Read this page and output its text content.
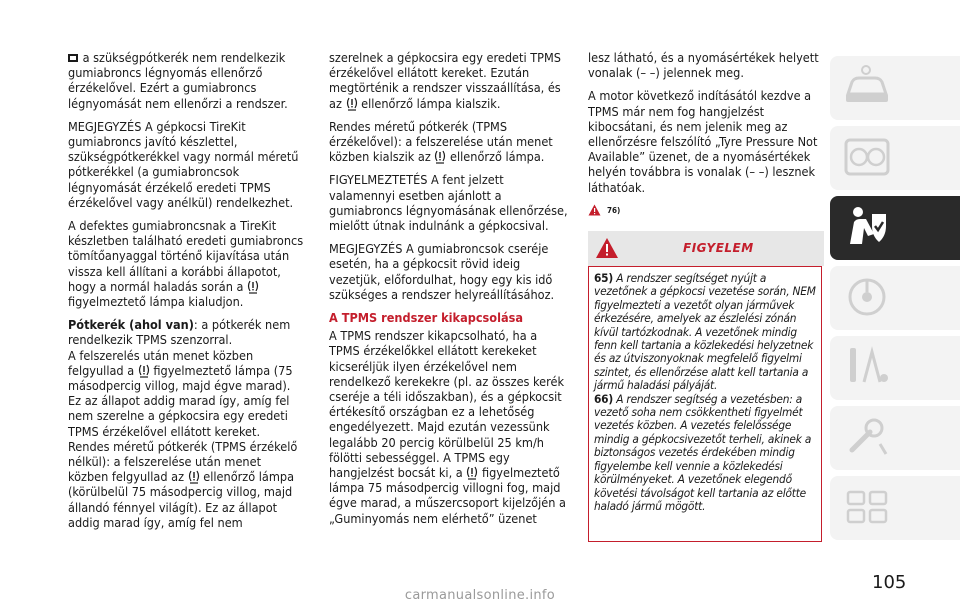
a szükségpótkerék nem rendelkezik gumiabroncs légnyomás ellenőrző érzékelővel. Ezért a gumiabroncs légnyomását nem ellenőrzi a rendszer.

MEGJEGYZÉS A gépkocsi TireKit gumiabroncs javító készlettel, szükségpótkerékkel vagy normál méretű pótkerékkel (a gumiabroncsok légnyomását érzékelő eredeti TPMS érzékelővel vagy anélkül) rendelkezhet.

A defektes gumiabroncsnak a TireKit készletben található eredeti gumiabroncs tömítőanyaggal történő kijavítása után vissza kell állítani a korábbi állapotot, hogy a normál haladás során a
figyelmeztető lámpa kialudjon.

Pótkerék (ahol van): a pótkerék nem rendelkezik TPMS szenzorral.

A felszerelés után menet közben felgyullad a figyelmeztető lámpa (75 másodpercig villog, majd égve marad). Ez az állapot addig marad így, amíg fel nem szerelne a gépkocsira egy eredeti TPMS érzékelővel ellátott kereket.

Rendes méretű pótkerék (TPMS érzékelő nélkül): a felszerelése után menet közben felgyullad az ellenőrző lámpa (körülbelül 75 másodpercig villog, majd állandó fénnyel világít). Ez az állapot addig marad így, amíg fel nem

szerelnek a gépkocsira egy eredeti TPMS érzékelővel ellátott kereket. Ezután megtörténik a rendszer visszaállítása, és az ellenőrző lámpa kialszik.

Rendes méretű pótkerék (TPMS érzékelővel): a felszerelése után menet közben kialszik az ellenőrző lámpa.

FIGYELMEZTETÉS A fent jelzett valamennyi esetben ajánlott a gumiabroncs légnyomásának ellenőrzése, mielőtt útnak indulnánk a gépkocsival.

MEGJEGYZÉS A gumiabroncsok cseréje esetén, ha a gépkocsit rövid ideig vezetjük, előfordulhat, hogy egy kis idő szükséges a rendszer helyreállításához.

A TPMS rendszer kikapcsolása

A TPMS rendszer kikapcsolható, ha a TPMS érzékelőkkel ellátott kerekeket kicseréljük ilyen érzékelővel nem rendelkező kerekekre (pl. az összes kerék cseréje a téli időszakban), és a gépkocsit értékesítő országban ez a lehetőség engedélyezett. Majd ezután vezessünk legalább 20 percig körülbelül 25 km/h fölötti sebességgel. A TPMS egy hangjelzést bocsát ki, a figyelmeztető lámpa 75 másodpercig villogni fog, majd égve marad, a műszercsoport kijelzőjén a „Guminyomás nem elérhető” üzenet

lesz látható, és a nyomásértékek helyett vonalak (– –) jelennek meg.

A motor következő indításától kezdve a TPMS már nem fog hangjelzést kibocsátani, és nem jelenik meg az ellenőrzésre felszólító „Tyre Pressure Not Available” üzenet, de a nyomásértékek helyén továbbra is vonalak (– –) lesznek láthatóak.

76)
FIGYELEM

65) A rendszer segítséget nyújt a vezetőnek a gépkocsi vezetése során, NEM figyelmezteti a vezetőt olyan járművek érkezésére, amelyek az észlelési zónán kívül tartózkodnak. A vezetőnek mindig fenn kell tartania a közlekedési helyzetnek és az útviszonyoknak megfelelő figyelmi szintet, és ellenőrzése alatt kell tartania a jármű haladási pályáját.

66) A rendszer segítség a vezetésben: a vezető soha nem csökkentheti figyelmét vezetés közben. A vezetés felelőssége mindig a gépkocsivezetőt terheli, akinek a biztonságos vezetés érdekében mindig figyelembe kell vennie a közlekedési körülményeket. A vezetőnek elegendő követési távolságot kell tartania az előtte haladó jármű mögött.

105
carmanualsonline.info
